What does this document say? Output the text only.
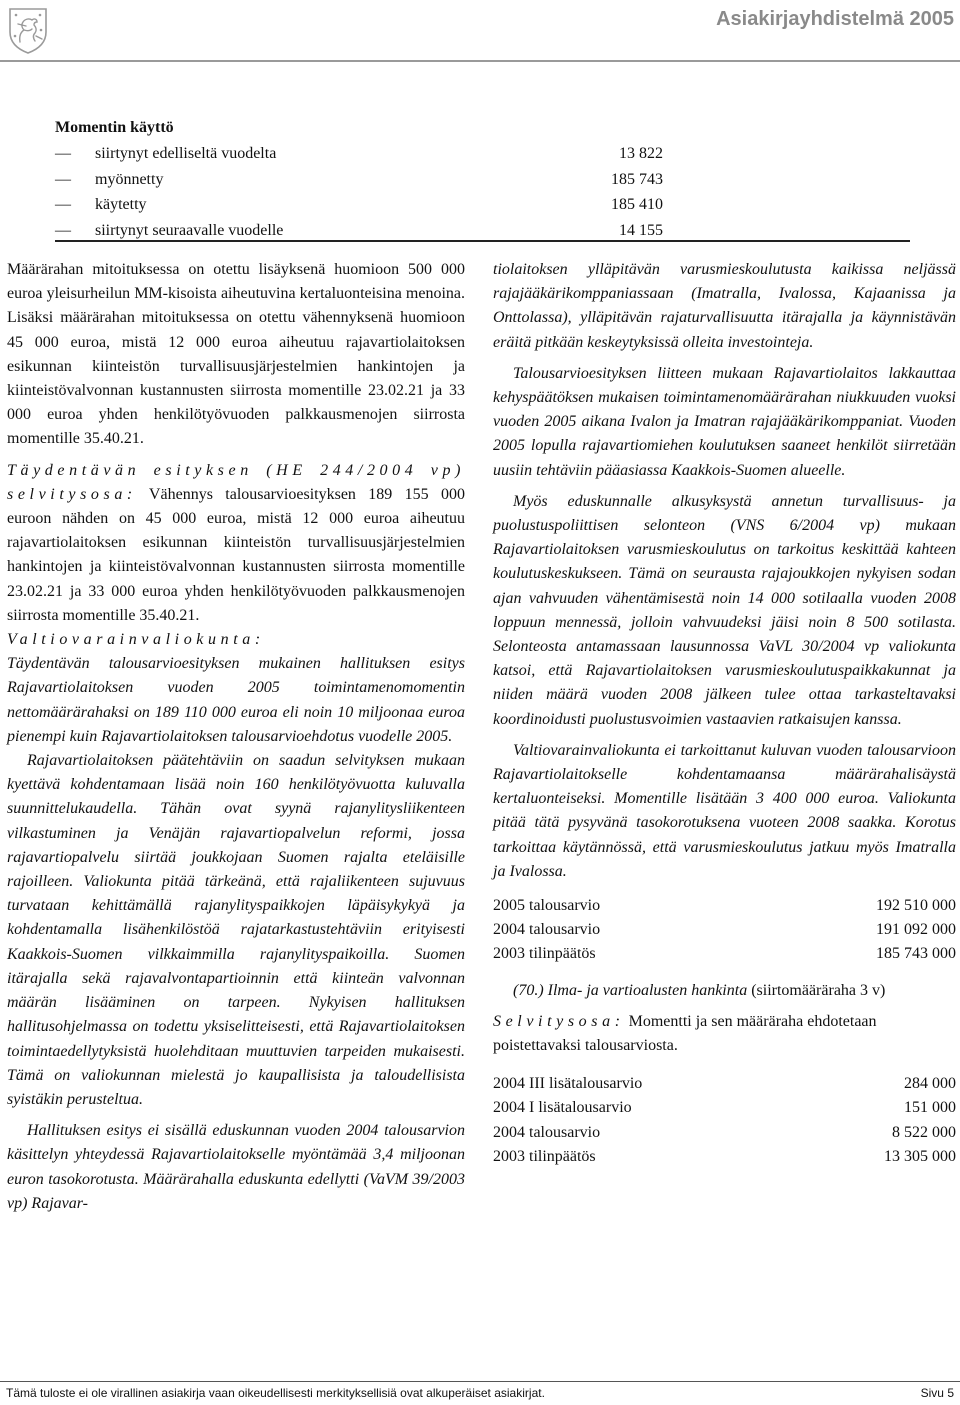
Asiakirjayhdistelmä 2005
Momentin käyttö
— siirtynyt edelliseltä vuodelta	13 822
— myönnetty	185 743
— käytetty	185 410
— siirtynyt seuraavalle vuodelle	14 155

Määrärahan mitoituksessa on otettu lisäyksenä huomioon 500 000 euroa yleisurheilun MM-kisoista aiheutuvina kertaluonteisina menoina. Lisäksi määrärahan mitoituksessa on otettu vähennyksenä huomioon 45 000 euroa, mistä 12 000 euroa aiheutuu rajavartiolaitoksen esikunnan kiinteistön turvallisuusjärjestelmien hankintojen ja kiinteistövalvonnan kustannusten siirrosta momentille 23.02.21 ja 33 000 euroa yhden henkilötyövuoden palkkausmenojen siirrosta momentille 35.40.21.

Täydentävän esityksen (HE 244/2004 vp) selvitysosa: Vähennys talousarvioesityksen 189 155 000 euroon nähden on 45 000 euroa, mistä 12 000 euroa aiheutuu rajavartiolaitoksen esikunnan kiinteistön turvallisuusjärjestelmien hankintojen ja kiinteistövalvonnan kustannusten siirrosta momentille 23.02.21 ja 33 000 euroa yhden henkilötyövuoden palkkausmenojen siirrosta momentille 35.40.21.

Valtiovarainvaliokunta:

Täydentävän talousarvioesityksen mukainen hallituksen esitys Rajavartiolaitoksen vuoden 2005 toimintamenomomentin nettomäärärahaksi on 189 110 000 euroa eli noin 10 miljoonaa euroa pienempi kuin Rajavartiolaitoksen talousarvioehdotus vuodelle 2005.

Rajavartiolaitoksen päätehtäviin on saadun selvityksen mukaan kyettävä kohdentamaan lisää noin 160 henkilötyövuotta kuluvalla suunnittelukaudella. Tähän ovat syynä rajanylitysliikenteen vilkastuminen ja Venäjän rajavartiopalvelun reformi, jossa rajavartiopalvelu siirtää joukkojaan Suomen rajalta eteläisille rajoilleen. Valiokunta pitää tärkeänä, että rajaliikenteen sujuvuus turvataan kehittämällä rajanylityspaikkojen läpäisykykyä ja kohdentamalla lisähenkilöstöä rajatarkastustehtäviin erityisesti Kaakkois-Suomen vilkkaimmilla rajanylityspaikoilla. Suomen itärajalla sekä rajavalvontapartioinnin että kiinteän valvonnan määrän lisääminen on tarpeen. Nykyisen hallituksen hallitusohjelmassa on todettu yksiselitteisesti, että Rajavartiolaitoksen toimintaedellytyksistä huolehditaan muuttuvien tarpeiden mukaisesti. Tämä on valiokunnan mielestä jo kaupallisista ja taloudellisista syistäkin perusteltua.

Hallituksen esitys ei sisällä eduskunnan vuoden 2004 talousarvion käsittelyn yhteydessä Rajavartiolaitokselle myöntämää 3,4 miljoonan euron tasokorotusta. Määrärahalla eduskunta edellytti (VaVM 39/2003 vp) Rajavar-

tiolaitoksen ylläpitävän varusmieskoulutusta kaikissa neljässä rajajääkärikomppaniassaan (Imatralla, Ivalossa, Kajaanissa ja Onttolassa), ylläpitävän rajaturvallisuutta itärajalla ja käynnistävän eräitä pitkään keskeytyksissä olleita investointeja.

Talousarvioesityksen liitteen mukaan Rajavartiolaitos lakkauttaa kehyspäätöksen mukaisen toimintamenomäärärahan niukkuuden vuoksi vuoden 2005 aikana Ivalon ja Imatran rajajääkärikomppaniat. Vuoden 2005 lopulla rajavartiomiehen koulutuksen saaneet henkilöt siirretään uusiin tehtäviin pääasiassa Kaakkois-Suomen alueelle.

Myös eduskunnalle alkusyksystä annetun turvallisuus- ja puolustuspoliittisen selonteon (VNS 6/2004 vp) mukaan Rajavartiolaitoksen varusmieskoulutus on tarkoitus keskittää kahteen koulutuskeskukseen. Tämä on seurausta rajajoukkojen nykyisen sodan ajan vahvuuden vähentämisestä noin 14 000 sotilaalla vuoden 2008 loppuun mennessä, jolloin vahvuudeksi jäisi noin 8 500 sotilasta. Selonteosta antamassaan lausunnossa VaVL 30/2004 vp valiokunta katsoi, että Rajavartiolaitoksen varusmieskoulutuspaikkakunnat ja niiden määrä vuoden 2008 jälkeen tulee ottaa tarkasteltavaksi koordinoidusti puolustusvoimien vastaavien ratkaisujen kanssa.

Valtiovarainvaliokunta ei tarkoittanut kuluvan vuoden talousarvioon Rajavartiolaitokselle kohdentamaansa määrärahalisäystä kertaluonteiseksi. Momentille lisätään 3 400 000 euroa. Valiokunta pitää tätä pysyvänä tasokorotuksena vuoteen 2008 saakka. Korotus tarkoittaa käytännössä, että varusmieskoulutus jatkuu myös Imatralla ja Ivalossa.

2005 talousarvio	192 510 000
2004 talousarvio	191 092 000
2003 tilinpäätös	185 743 000

(70.) Ilma- ja vartioalusten hankinta (siirtomääräraha 3 v)

Selvitysosa: Momentti ja sen määräraha ehdotetaan poistettavaksi talousarviosta.

2004 III lisätalousarvio	284 000
2004 I lisätalousarvio	151 000
2004 talousarvio	8 522 000
2003 tilinpäätös	13 305 000
Tämä tuloste ei ole virallinen asiakirja vaan oikeudellisesti merkityksellisiä ovat alkuperäiset asiakirjat.	Sivu 5
